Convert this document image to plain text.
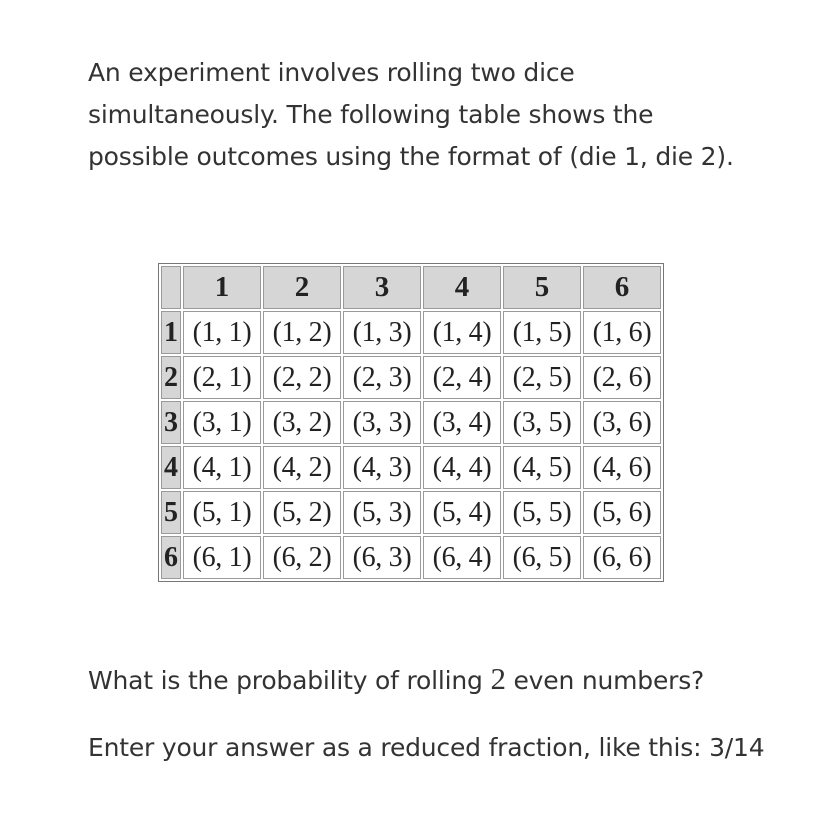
An experiment involves rolling two dice simultaneously. The following table shows the possible outcomes using the format of (die 1, die 2).

	1	2	3	4	5	6
1	(1, 1)	(1, 2)	(1, 3)	(1, 4)	(1, 5)	(1, 6)
2	(2, 1)	(2, 2)	(2, 3)	(2, 4)	(2, 5)	(2, 6)
3	(3, 1)	(3, 2)	(3, 3)	(3, 4)	(3, 5)	(3, 6)
4	(4, 1)	(4, 2)	(4, 3)	(4, 4)	(4, 5)	(4, 6)
5	(5, 1)	(5, 2)	(5, 3)	(5, 4)	(5, 5)	(5, 6)
6	(6, 1)	(6, 2)	(6, 3)	(6, 4)	(6, 5)	(6, 6)

What is the probability of rolling 2 even numbers?

Enter your answer as a reduced fraction, like this: 3/14
